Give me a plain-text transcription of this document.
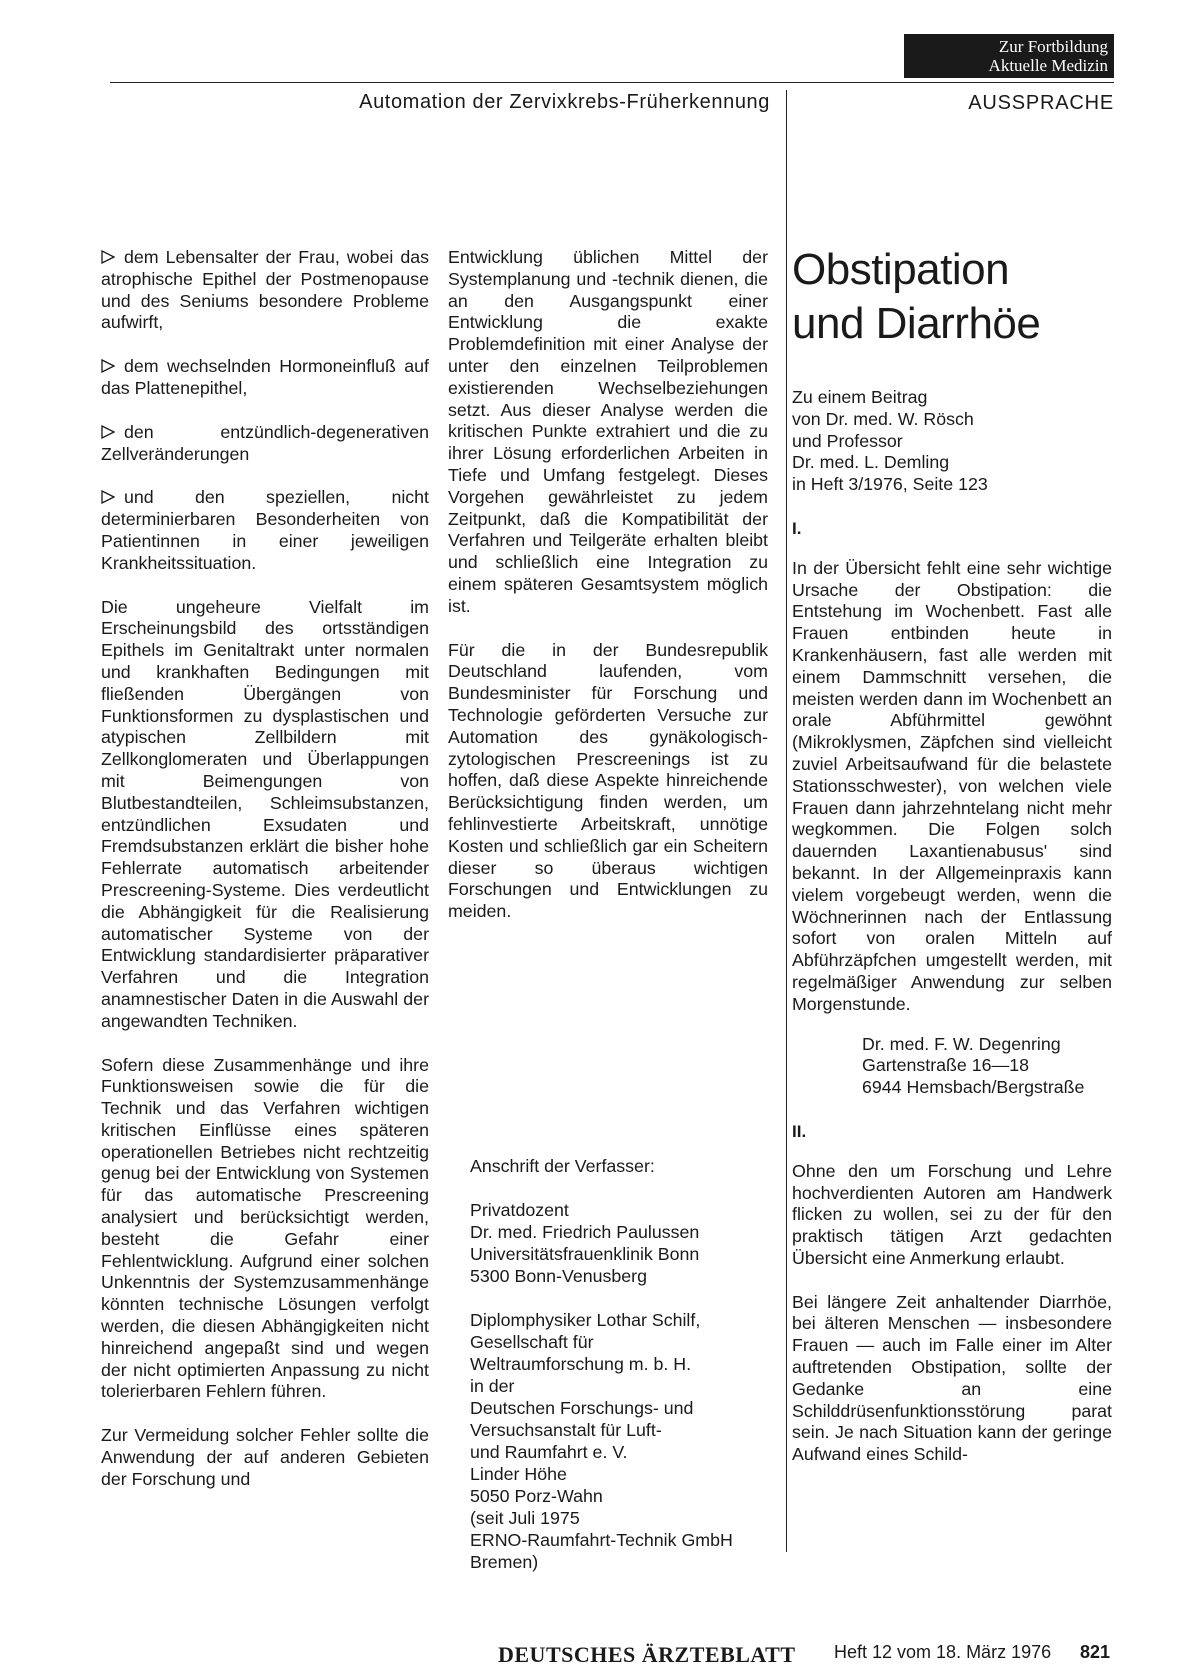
Zur Fortbildung
Aktuelle Medizin
Automation der Zervixkrebs-Früherkennung	AUSSPRACHE

dem Lebensalter der Frau, wobei das atrophische Epithel der Postmenopause und des Seniums besondere Probleme aufwirft,

dem wechselnden Hormoneinfluß auf das Plattenepithel,

den entzündlich-degenerativen Zellveränderungen

und den speziellen, nicht determinierbaren Besonderheiten von Patientinnen in einer jeweiligen Krankheitssituation.

Die ungeheure Vielfalt im Erscheinungsbild des ortsständigen Epithels im Genitaltrakt unter normalen und krankhaften Bedingungen mit fließenden Übergängen von Funktionsformen zu dysplastischen und atypischen Zellbildern mit Zellkonglomeraten und Überlappungen mit Beimengungen von Blutbestandteilen, Schleimsubstanzen, entzündlichen Exsudaten und Fremdsubstanzen erklärt die bisher hohe Fehlerrate automatisch arbeitender Prescreening-Systeme. Dies verdeutlicht die Abhängigkeit für die Realisierung automatischer Systeme von der Entwicklung standardisierter präparativer Verfahren und die Integration anamnestischer Daten in die Auswahl der angewandten Techniken.

Sofern diese Zusammenhänge und ihre Funktionsweisen sowie die für die Technik und das Verfahren wichtigen kritischen Einflüsse eines späteren operationellen Betriebes nicht rechtzeitig genug bei der Entwicklung von Systemen für das automatische Prescreening analysiert und berücksichtigt werden, besteht die Gefahr einer Fehlentwicklung. Aufgrund einer solchen Unkenntnis der Systemzusammenhänge könnten technische Lösungen verfolgt werden, die diesen Abhängigkeiten nicht hinreichend angepaßt sind und wegen der nicht optimierten Anpassung zu nicht tolerierbaren Fehlern führen.

Zur Vermeidung solcher Fehler sollte die Anwendung der auf anderen Gebieten der Forschung und

Entwicklung üblichen Mittel der Systemplanung und -technik dienen, die an den Ausgangspunkt einer Entwicklung die exakte Problemdefinition mit einer Analyse der unter den einzelnen Teilproblemen existierenden Wechselbeziehungen setzt. Aus dieser Analyse werden die kritischen Punkte extrahiert und die zu ihrer Lösung erforderlichen Arbeiten in Tiefe und Umfang festgelegt. Dieses Vorgehen gewährleistet zu jedem Zeitpunkt, daß die Kompatibilität der Verfahren und Teilgeräte erhalten bleibt und schließlich eine Integration zu einem späteren Gesamtsystem möglich ist.

Für die in der Bundesrepublik Deutschland laufenden, vom Bundesminister für Forschung und Technologie geförderten Versuche zur Automation des gynäkologisch-zytologischen Prescreenings ist zu hoffen, daß diese Aspekte hinreichende Berücksichtigung finden werden, um fehlinvestierte Arbeitskraft, unnötige Kosten und schließlich gar ein Scheitern dieser so überaus wichtigen Forschungen und Entwicklungen zu meiden.

Anschrift der Verfasser:

Privatdozent

Dr. med. Friedrich Paulussen

Universitätsfrauenklinik Bonn

5300 Bonn-Venusberg

Diplomphysiker Lothar Schilf,

Gesellschaft für

Weltraumforschung m. b. H.

in der

Deutschen Forschungs- und

Versuchsanstalt für Luft-

und Raumfahrt e. V.

Linder Höhe

5050 Porz-Wahn

(seit Juli 1975

ERNO-Raumfahrt-Technik GmbH

Bremen)

Obstipation
und Diarrhöe

Zu einem Beitrag

von Dr. med. W. Rösch

und Professor

Dr. med. L. Demling

in Heft 3/1976, Seite 123

I.

In der Übersicht fehlt eine sehr wichtige Ursache der Obstipation: die Entstehung im Wochenbett. Fast alle Frauen entbinden heute in Krankenhäusern, fast alle werden mit einem Dammschnitt versehen, die meisten werden dann im Wochenbett an orale Abführmittel gewöhnt (Mikroklysmen, Zäpfchen sind vielleicht zuviel Arbeitsaufwand für die belastete Stationsschwester), von welchen viele Frauen dann jahrzehntelang nicht mehr wegkommen. Die Folgen solch dauernden Laxantienabusus' sind bekannt. In der Allgemeinpraxis kann vielem vorgebeugt werden, wenn die Wöchnerinnen nach der Entlassung sofort von oralen Mitteln auf Abführzäpfchen umgestellt werden, mit regelmäßiger Anwendung zur selben Morgenstunde.

Dr. med. F. W. Degenring

Gartenstraße 16—18

6944 Hemsbach/Bergstraße

II.

Ohne den um Forschung und Lehre hochverdienten Autoren am Handwerk flicken zu wollen, sei zu der für den praktisch tätigen Arzt gedachten Übersicht eine Anmerkung erlaubt.

Bei längere Zeit anhaltender Diarrhöe, bei älteren Menschen — insbesondere Frauen — auch im Falle einer im Alter auftretenden Obstipation, sollte der Gedanke an eine Schilddrüsenfunktionsstörung parat sein. Je nach Situation kann der geringe Aufwand eines Schild-

DEUTSCHES ÄRZTEBLATT Heft 12 vom 18. März 1976 821
